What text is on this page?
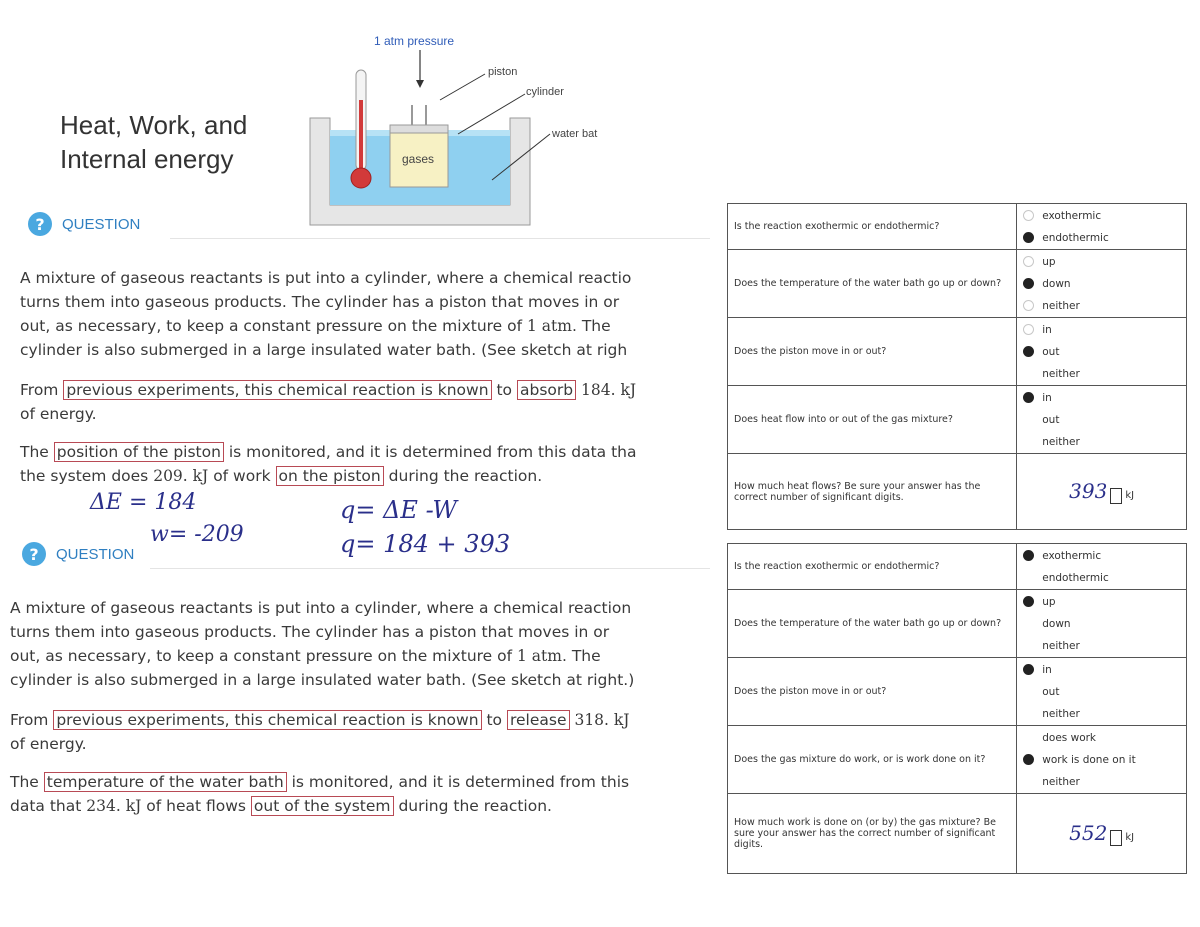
Heat, Work, and
Internal energy
1 atm pressure
piston
cylinder
water bat
gases
?	QUESTION
A mixture of gaseous reactants is put into a cylinder, where a chemical reactio
turns them into gaseous products. The cylinder has a piston that moves in or
out, as necessary, to keep a constant pressure on the mixture of 1 atm. The
cylinder is also submerged in a large insulated water bath. (See sketch at righ
From previous experiments, this chemical reaction is known to absorb 184. kJ
of energy.
The position of the piston is monitored, and it is determined from this data tha
the system does 209. kJ of work on the piston during the reaction.
ΔE = 184
w= -209
q= ΔE -W
q= 184 + 393
?	QUESTION
A mixture of gaseous reactants is put into a cylinder, where a chemical reaction
turns them into gaseous products. The cylinder has a piston that moves in or
out, as necessary, to keep a constant pressure on the mixture of 1 atm. The
cylinder is also submerged in a large insulated water bath. (See sketch at right.)
From previous experiments, this chemical reaction is known to release 318. kJ
of energy.
The temperature of the water bath is monitored, and it is determined from this
data that 234. kJ of heat flows out of the system during the reaction.
Is the reaction exothermic or endothermic?	exothermic
endothermic

Does the temperature of the water bath go up or down?	up
down
neither

Does the piston move in or out?	in
out
neither

Does heat flow into or out of the gas mixture?	in
out
neither

How much heat flows? Be sure your answer has the correct number of significant digits.	393 kJ
Is the reaction exothermic or endothermic?	exothermic
endothermic

Does the temperature of the water bath go up or down?	up
down
neither

Does the piston move in or out?	in
out
neither

Does the gas mixture do work, or is work done on it?	does work
work is done on it
neither

How much work is done on (or by) the gas mixture? Be sure your answer has the correct number of significant digits.	552 kJ
